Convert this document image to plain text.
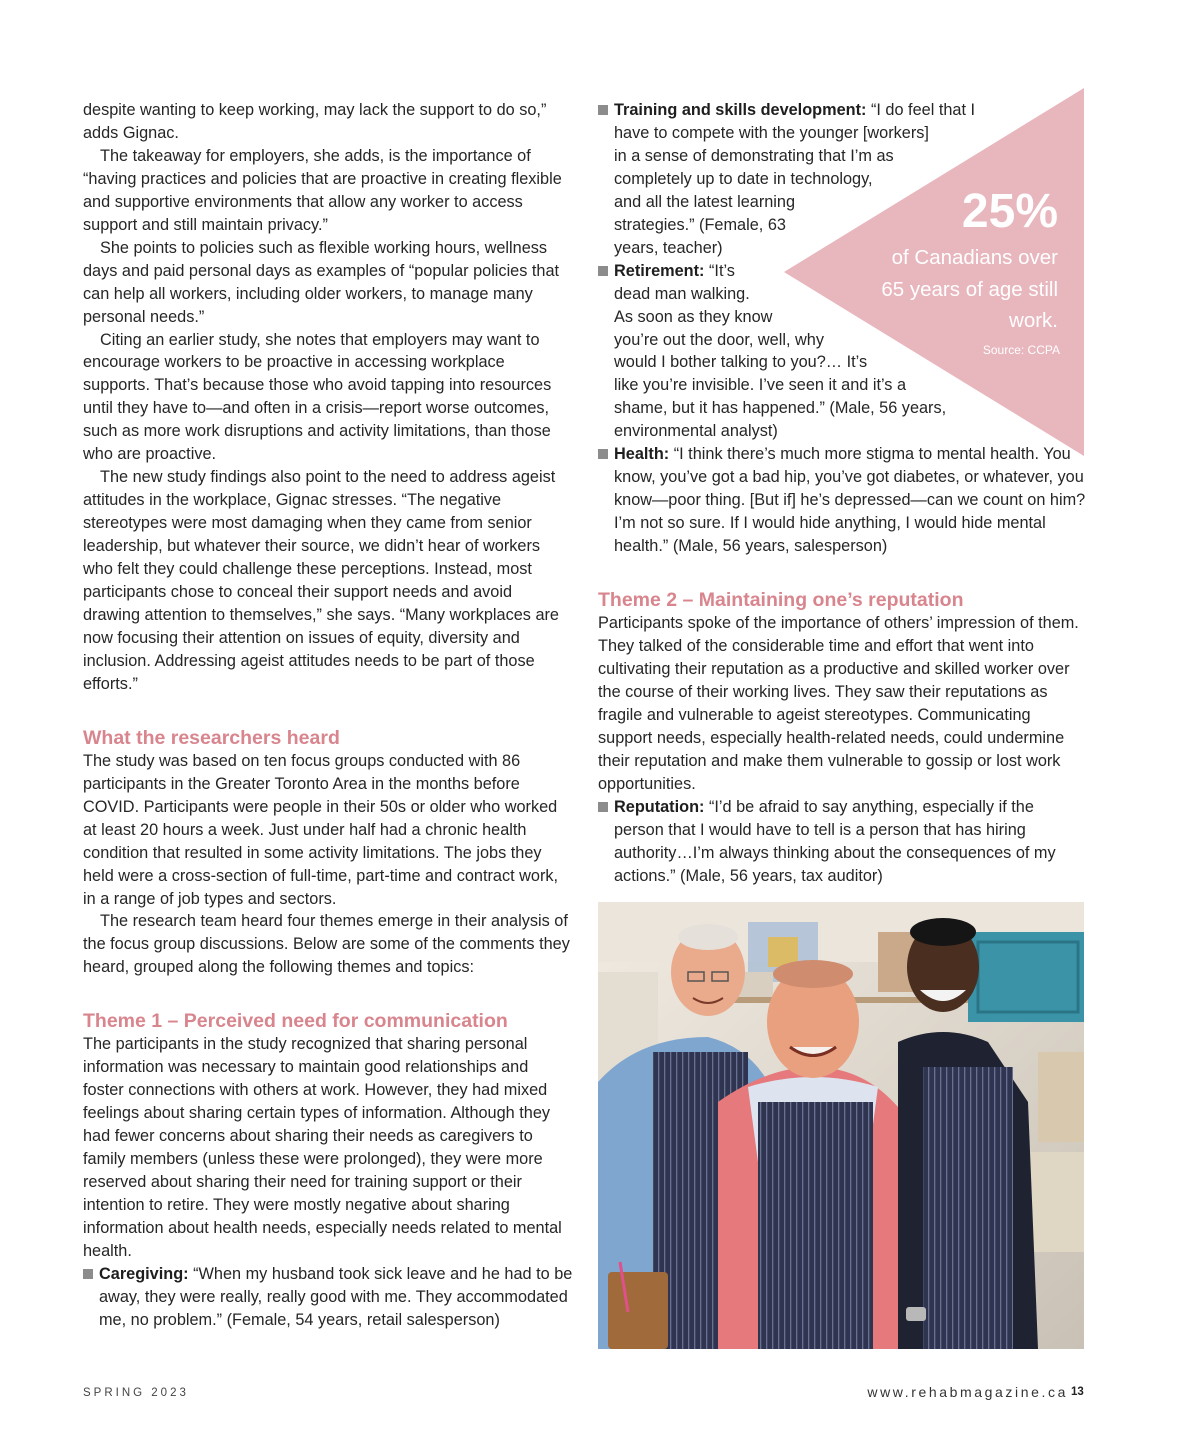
despite wanting to keep working, may lack the support to do so,” adds Gignac.

The takeaway for employers, she adds, is the importance of “having practices and policies that are proactive in creating flexible and supportive environments that allow any worker to access support and still maintain privacy.”

She points to policies such as flexible working hours, wellness days and paid personal days as examples of “popular policies that can help all workers, including older workers, to manage many personal needs.”

Citing an earlier study, she notes that employers may want to encourage workers to be proactive in accessing workplace supports. That’s because those who avoid tapping into resources until they have to—and often in a crisis—report worse outcomes, such as more work disruptions and activity limitations, than those who are proactive.

The new study findings also point to the need to address ageist attitudes in the workplace, Gignac stresses. “The negative stereotypes were most damaging when they came from senior leadership, but whatever their source, we didn’t hear of workers who felt they could challenge these perceptions. Instead, most participants chose to conceal their support needs and avoid drawing attention to themselves,” she says. “Many workplaces are now focusing their attention on issues of equity, diversity and inclusion. Addressing ageist attitudes needs to be part of those efforts.”

What the researchers heard

The study was based on ten focus groups conducted with 86 participants in the Greater Toronto Area in the months before COVID. Participants were people in their 50s or older who worked at least 20 hours a week. Just under half had a chronic health condition that resulted in some activity limitations. The jobs they held were a cross-section of full-time, part-time and contract work, in a range of job types and sectors.

The research team heard four themes emerge in their analysis of the focus group discussions. Below are some of the comments they heard, grouped along the following themes and topics:

Theme 1 – Perceived need for communication

The participants in the study recognized that sharing personal information was necessary to maintain good relationships and foster connections with others at work. However, they had mixed feelings about sharing certain types of information. Although they had fewer concerns about sharing their needs as caregivers to family members (unless these were prolonged), they were more reserved about sharing their need for training support or their intention to retire. They were mostly negative about sharing information about health needs, especially needs related to mental health.

Caregiving: “When my husband took sick leave and he had to be away, they were really, really good with me. They accommodated me, no problem.” (Female, 54 years, retail salesperson)
Training and skills development: “I do feel that I
have to compete with the younger [workers]
in a sense of demonstrating that I’m as
completely up to date in technology,
and all the latest learning
strategies.” (Female, 63
years, teacher)
Retirement: “It’s
dead man walking.
As soon as they know
you’re out the door, well, why
would I bother talking to you?… It’s
like you’re invisible. I’ve seen it and it’s a
shame, but it has happened.” (Male, 56 years,
environmental analyst)
Health: “I think there’s much more stigma to mental health. You know, you’ve got a bad hip, you’ve got diabetes, or whatever, you know—poor thing. [But if] he’s depressed—can we count on him? I’m not so sure. If I would hide anything, I would hide mental health.” (Male, 56 years, salesperson)
Theme 2 – Maintaining one’s reputation

Participants spoke of the importance of others’ impression of them. They talked of the considerable time and effort that went into cultivating their reputation as a productive and skilled worker over the course of their working lives. They saw their reputations as fragile and vulnerable to ageist stereotypes. Communicating support needs, especially health-related needs, could undermine their reputation and make them vulnerable to gossip or lost work opportunities.

Reputation: “I’d be afraid to say anything, especially if the person that I would have to tell is a person that has hiring authority…I’m always thinking about the consequences of my actions.” (Male, 56 years, tax auditor)
25%
of Canadians over 65 years of age still work.
Source: CCPA
SPRING 2023	www.rehabmagazine.ca 13
